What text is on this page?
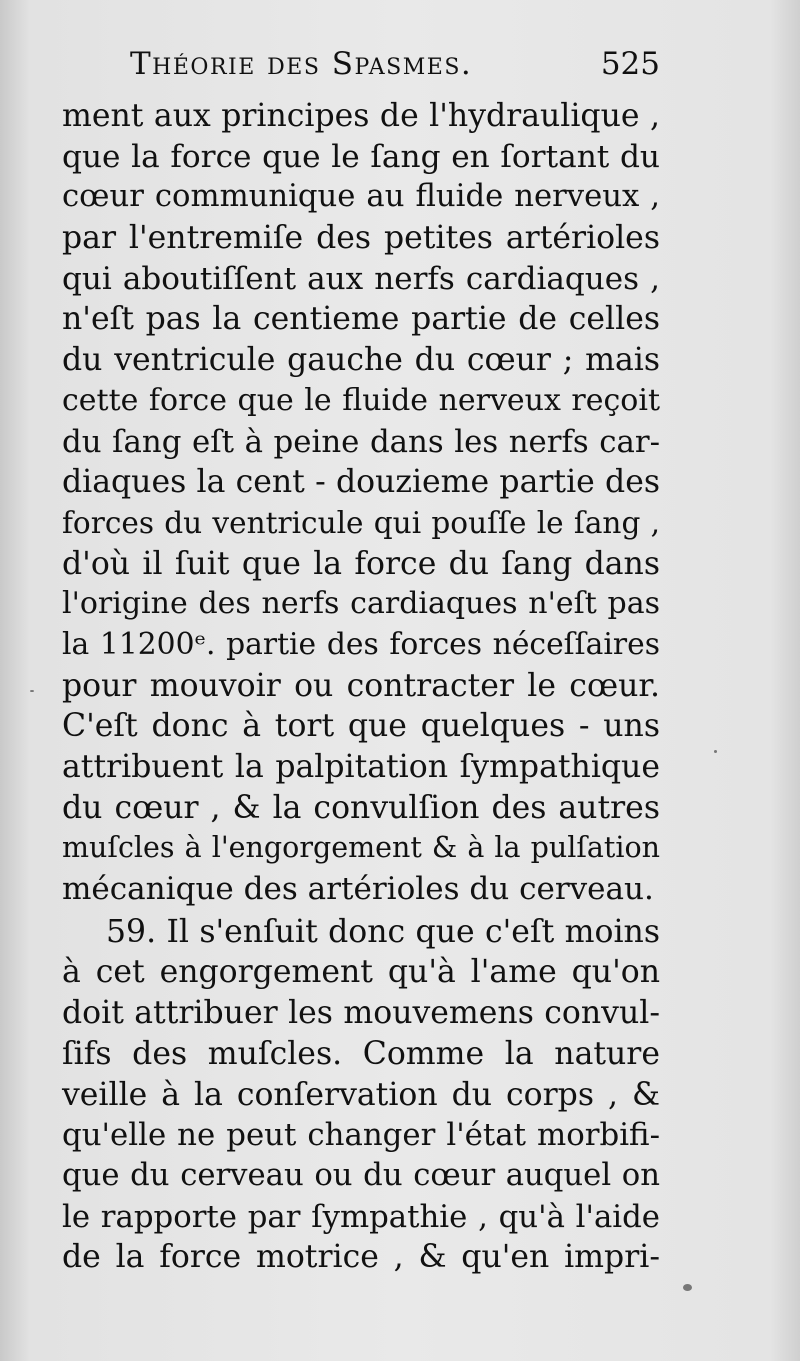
Théorie des Spasmes.	525
ment aux principes de l'hydraulique ,
que la force que le ſang en ſortant du
cœur communique au fluide nerveux ,
par l'entremiſe des petites artérioles
qui aboutiſſent aux nerfs cardiaques ,
n'eſt pas la centieme partie de celles
du ventricule gauche du cœur ; mais
cette force que le fluide nerveux reçoit
du ſang eſt à peine dans les nerfs car-
diaques la cent - douzieme partie des
forces du ventricule qui pouſſe le ſang ,
d'où il ſuit que la force du ſang dans
l'origine des nerfs cardiaques n'eſt pas
la 11200ᵉ. partie des forces néceſſaires
pour mouvoir ou contracter le cœur.
C'eſt donc à tort que quelques - uns
attribuent la palpitation ſympathique
du cœur , & la convulſion des autres
muſcles à l'engorgement & à la pulſation
mécanique des artérioles du cerveau.
59. Il s'enſuit donc que c'eſt moins
à cet engorgement qu'à l'ame qu'on
doit attribuer les mouvemens convul-
ſifs des muſcles. Comme la nature
veille à la conſervation du corps , &
qu'elle ne peut changer l'état morbifi-
que du cerveau ou du cœur auquel on
le rapporte par ſympathie , qu'à l'aide
de la force motrice , & qu'en impri-
